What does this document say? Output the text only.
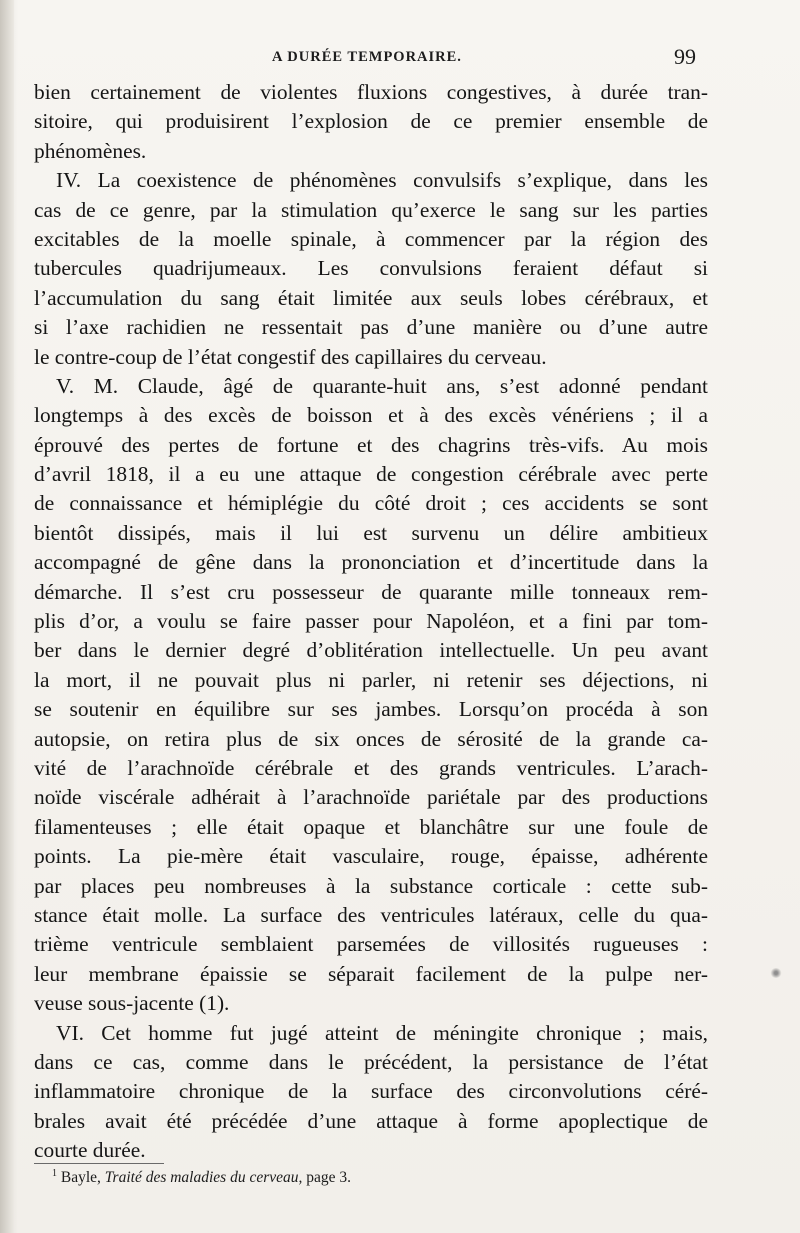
A DURÉE TEMPORAIRE.	99
bien certainement de violentes fluxions congestives, à durée tran-
sitoire, qui produisirent l’explosion de ce premier ensemble de
phénomènes.
IV. La coexistence de phénomènes convulsifs s’explique, dans les
cas de ce genre, par la stimulation qu’exerce le sang sur les parties
excitables de la moelle spinale, à commencer par la région des
tubercules quadrijumeaux. Les convulsions feraient défaut si
l’accumulation du sang était limitée aux seuls lobes cérébraux, et
si l’axe rachidien ne ressentait pas d’une manière ou d’une autre
le contre-coup de l’état congestif des capillaires du cerveau.
V. M. Claude, âgé de quarante-huit ans, s’est adonné pendant
longtemps à des excès de boisson et à des excès vénériens ; il a
éprouvé des pertes de fortune et des chagrins très-vifs. Au mois
d’avril 1818, il a eu une attaque de congestion cérébrale avec perte
de connaissance et hémiplégie du côté droit ; ces accidents se sont
bientôt dissipés, mais il lui est survenu un délire ambitieux
accompagné de gêne dans la prononciation et d’incertitude dans la
démarche. Il s’est cru possesseur de quarante mille tonneaux rem-
plis d’or, a voulu se faire passer pour Napoléon, et a fini par tom-
ber dans le dernier degré d’oblitération intellectuelle. Un peu avant
la mort, il ne pouvait plus ni parler, ni retenir ses déjections, ni
se soutenir en équilibre sur ses jambes. Lorsqu’on procéda à son
autopsie, on retira plus de six onces de sérosité de la grande ca-
vité de l’arachnoïde cérébrale et des grands ventricules. L’arach-
noïde viscérale adhérait à l’arachnoïde pariétale par des productions
filamenteuses ; elle était opaque et blanchâtre sur une foule de
points. La pie-mère était vasculaire, rouge, épaisse, adhérente
par places peu nombreuses à la substance corticale : cette sub-
stance était molle. La surface des ventricules latéraux, celle du qua-
trième ventricule semblaient parsemées de villosités rugueuses :
leur membrane épaissie se séparait facilement de la pulpe ner-
veuse sous-jacente (1).
VI. Cet homme fut jugé atteint de méningite chronique ; mais,
dans ce cas, comme dans le précédent, la persistance de l’état
inflammatoire chronique de la surface des circonvolutions céré-
brales avait été précédée d’une attaque à forme apoplectique de
courte durée.
$^1$ Bayle, Traité des maladies du cerveau, page 3.
